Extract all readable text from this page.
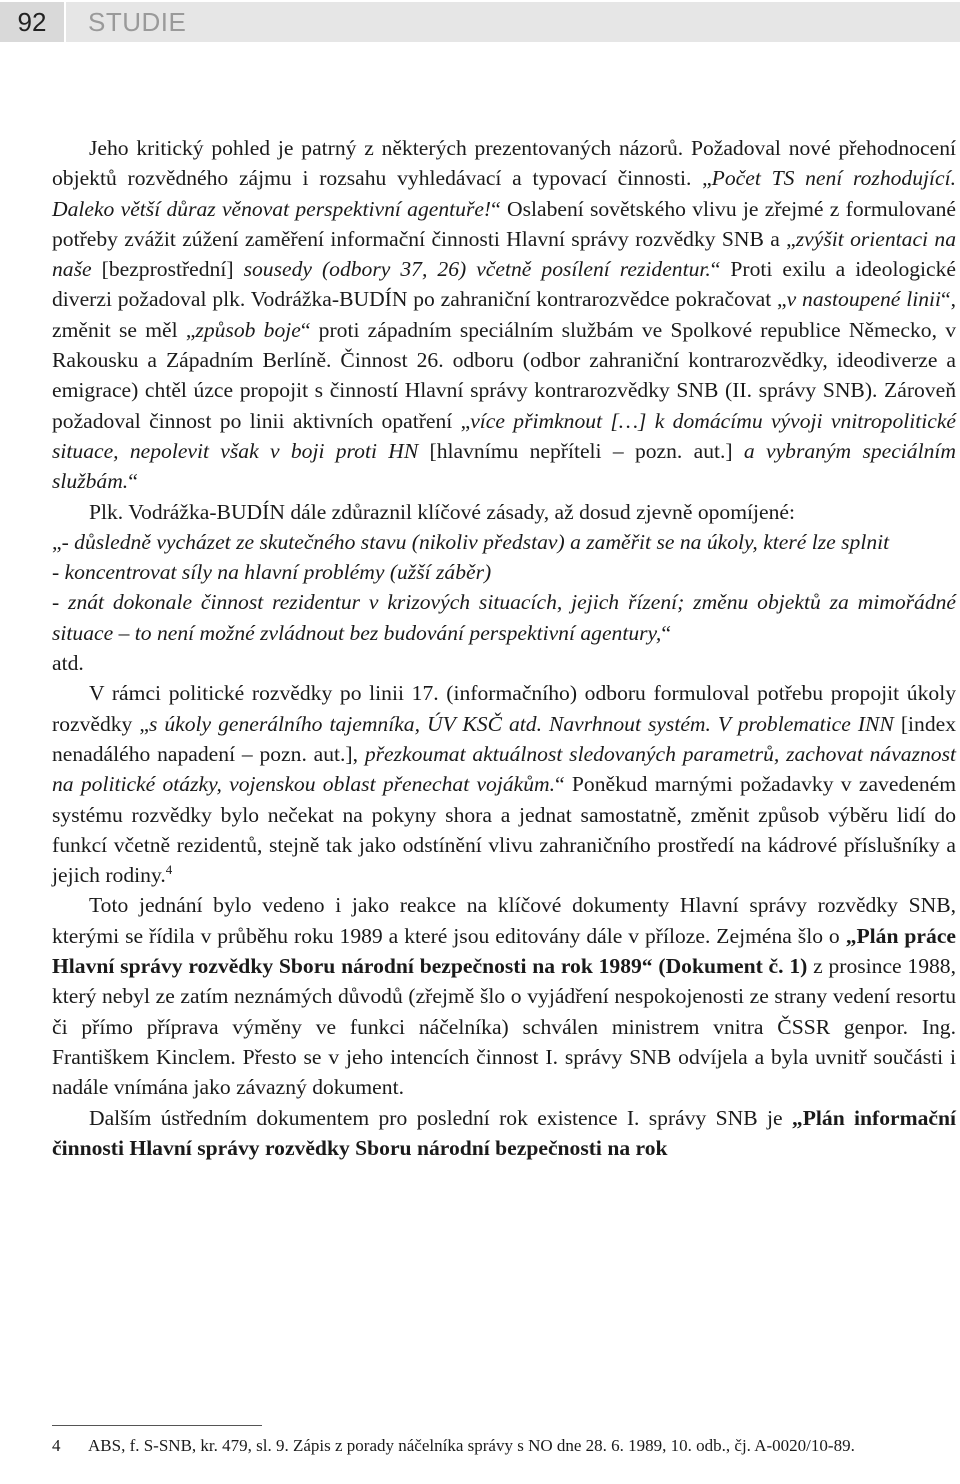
92	STUDIE

Jeho kritický pohled je patrný z některých prezentovaných názorů. Požadoval nové přehodnocení objektů rozvědného zájmu i rozsahu vyhledávací a typovací činnosti. „Počet TS není rozhodující. Daleko větší důraz věnovat perspektivní agentuře!“ Oslabení sovětského vlivu je zřejmé z formulované potřeby zvážit zúžení zaměření informační činnosti Hlavní správy rozvědky SNB a „zvýšit orientaci na naše [bezprostřední] sousedy (odbory 37, 26) včetně posílení rezidentur.“ Proti exilu a ideologické diverzi požadoval plk. Vodrážka-BUDÍN po zahraniční kontrarozvědce pokračovat „v nastoupené linii“, změnit se měl „způsob boje“ proti západním speciálním službám ve Spolkové republice Německo, v Rakousku a Západním Berlíně. Činnost 26. odboru (odbor zahraniční kontrarozvědky, ideodiverze a emigrace) chtěl úzce propojit s činností Hlavní správy kontrarozvědky SNB (II. správy SNB). Zároveň požadoval činnost po linii aktivních opatření „více přimknout […] k domácímu vývoji vnitropolitické situace, nepolevit však v boji proti HN [hlavnímu nepříteli – pozn. aut.] a vybraným speciálním službám.“

Plk. Vodrážka-BUDÍN dále zdůraznil klíčové zásady, až dosud zjevně opomíjené:

„- důsledně vycházet ze skutečného stavu (nikoliv představ) a zaměřit se na úkoly, které lze splnit

- koncentrovat síly na hlavní problémy (užší záběr)

- znát dokonale činnost rezidentur v krizových situacích, jejich řízení; změnu objektů za mimořádné situace – to není možné zvládnout bez budování perspektivní agentury,“

atd.

V rámci politické rozvědky po linii 17. (informačního) odboru formuloval potřebu propojit úkoly rozvědky „s úkoly generálního tajemníka, ÚV KSČ atd. Navrhnout systém. V problematice INN [index nenadálého napadení – pozn. aut.], přezkoumat aktuálnost sledovaných parametrů, zachovat návaznost na politické otázky, vojenskou oblast přenechat vojákům.“ Poněkud marnými požadavky v zavedeném systému rozvědky bylo nečekat na pokyny shora a jednat samostatně, změnit způsob výběru lidí do funkcí včetně rezidentů, stejně tak jako odstínění vlivu zahraničního prostředí na kádrové příslušníky a jejich rodiny.$^4$

Toto jednání bylo vedeno i jako reakce na klíčové dokumenty Hlavní správy rozvědky SNB, kterými se řídila v průběhu roku 1989 a které jsou editovány dále v příloze. Zejména šlo o „Plán práce Hlavní správy rozvědky Sboru národní bezpečnosti na rok 1989“ (Dokument č. 1) z prosince 1988, který nebyl ze zatím neznámých důvodů (zřejmě šlo o vyjádření nespokojenosti ze strany vedení resortu či přímo příprava výměny ve funkci náčelníka) schválen ministrem vnitra ČSSR genpor. Ing. Františkem Kinclem. Přesto se v jeho intencích činnost I. správy SNB odvíjela a byla uvnitř součásti i nadále vnímána jako závazný dokument.

Dalším ústředním dokumentem pro poslední rok existence I. správy SNB je „Plán informační činnosti Hlavní správy rozvědky Sboru národní bezpečnosti na rok

4 ABS, f. S-SNB, kr. 479, sl. 9. Zápis z porady náčelníka správy s NO dne 28. 6. 1989, 10. odb., čj. A-0020/10-89.
